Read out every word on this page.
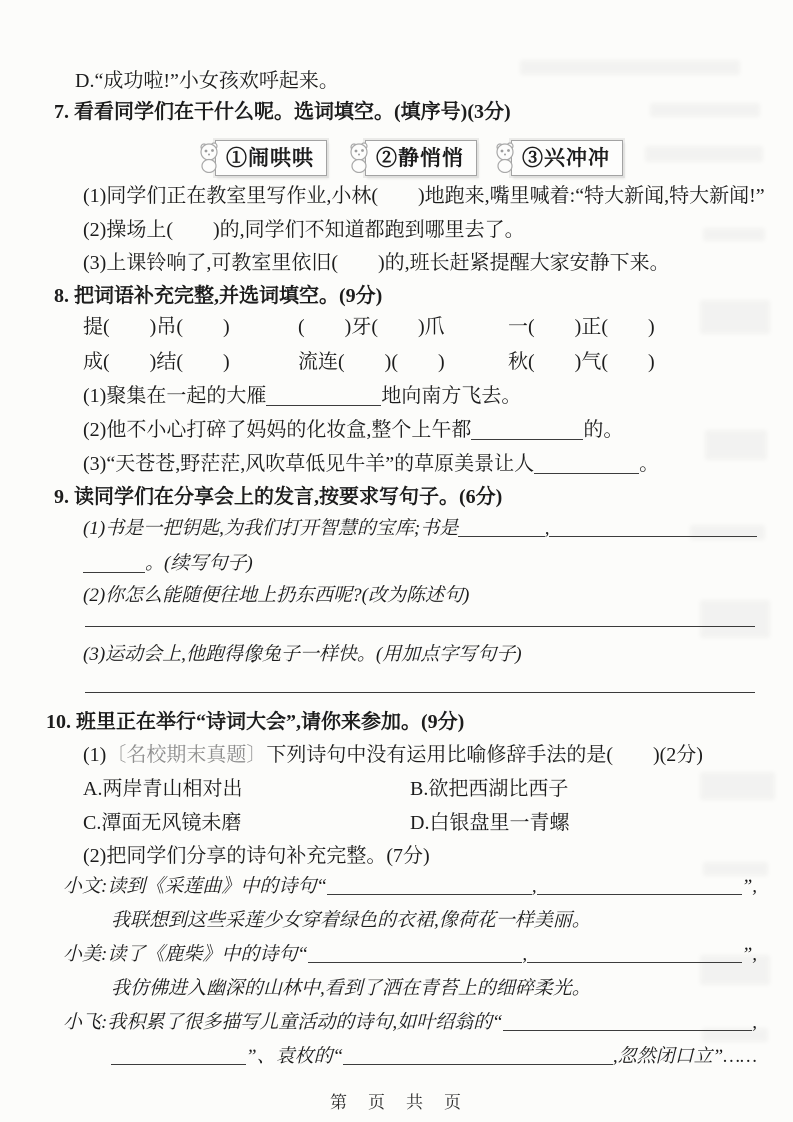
D.“成功啦!”小女孩欢呼起来。
7. 看看同学们在干什么呢。选词填空。(填序号)(3分)
①闹哄哄	②静悄悄	③兴冲冲
(1)同学们正在教室里写作业,小林(　　)地跑来,嘴里喊着:“特大新闻,特大新闻!”
(2)操场上(　　)的,同学们不知道都跑到哪里去了。
(3)上课铃响了,可教室里依旧(　　)的,班长赶紧提醒大家安静下来。
8. 把词语补充完整,并选词填空。(9分)
提(　　)吊(　　)	(　　)牙(　　)爪	一(　　)正(　　)
成(　　)结(　　)	流连(　　)(　　)	秋(　　)气(　　)
(1)聚集在一起的大雁	地向南方飞去。
(2)他不小心打碎了妈妈的化妆盒,整个上午都	的。
(3)“天苍苍,野茫茫,风吹草低见牛羊”的草原美景让人	。
9. 读同学们在分享会上的发言,按要求写句子。(6分)
(1)书是一把钥匙,为我们打开智慧的宝库;书是	,
。(续写句子)
(2)你怎么能随便往地上扔东西呢?(改为陈述句)
(3)运动会上,他跑得像兔子一样快。(用加点字写句子)
10. 班里正在举行“诗词大会”,请你来参加。(9分)
(1)〔名校期末真题〕下列诗句中没有运用比喻修辞手法的是(　　)(2分)
A.两岸青山相对出	B.欲把西湖比西子
C.潭面无风镜未磨	D.白银盘里一青螺
(2)把同学们分享的诗句补充完整。(7分)
小文: 读到《采莲曲》中的诗句“	,	”,
我联想到这些采莲少女穿着绿色的衣裙,像荷花一样美丽。
小美: 读了《鹿柴》中的诗句“	,	”,
我仿佛进入幽深的山林中,看到了洒在青苔上的细碎柔光。
小飞: 我积累了很多描写儿童活动的诗句,如叶绍翁的“	,
”、袁枚的“	,忽然闭口立”……
第　页　共　页
